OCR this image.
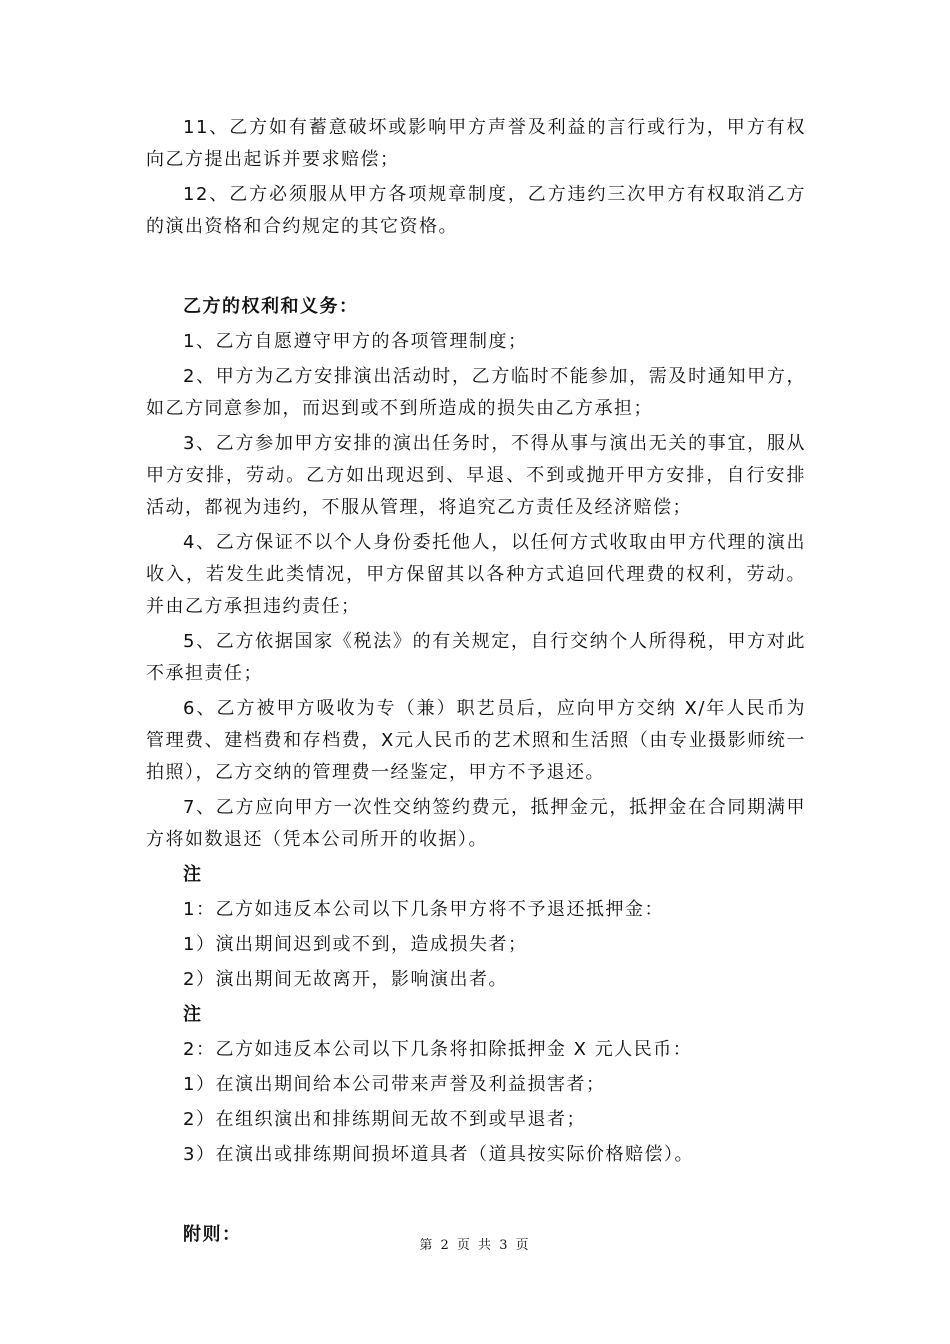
11、乙方如有蓄意破坏或影响甲方声誉及利益的言行或行为，甲方有权向乙方提出起诉并要求赔偿；

12、乙方必须服从甲方各项规章制度，乙方违约三次甲方有权取消乙方的演出资格和合约规定的其它资格。

乙方的权利和义务：

1、乙方自愿遵守甲方的各项管理制度；

2、甲方为乙方安排演出活动时，乙方临时不能参加，需及时通知甲方，如乙方同意参加，而迟到或不到所造成的损失由乙方承担；

3、乙方参加甲方安排的演出任务时，不得从事与演出无关的事宜，服从甲方安排，劳动。乙方如出现迟到、早退、不到或抛开甲方安排，自行安排活动，都视为违约，不服从管理，将追究乙方责任及经济赔偿；

4、乙方保证不以个人身份委托他人，以任何方式收取由甲方代理的演出收入，若发生此类情况，甲方保留其以各种方式追回代理费的权利，劳动。并由乙方承担违约责任；

5、乙方依据国家《税法》的有关规定，自行交纳个人所得税，甲方对此不承担责任；

6、乙方被甲方吸收为专（兼）职艺员后，应向甲方交纳 X/年人民币为管理费、建档费和存档费，X元人民币的艺术照和生活照（由专业摄影师统一拍照），乙方交纳的管理费一经鉴定，甲方不予退还。

7、乙方应向甲方一次性交纳签约费元，抵押金元，抵押金在合同期满甲方将如数退还（凭本公司所开的收据）。

注

1：乙方如违反本公司以下几条甲方将不予退还抵押金：

1）演出期间迟到或不到，造成损失者；

2）演出期间无故离开，影响演出者。

注

2：乙方如违反本公司以下几条将扣除抵押金 X 元人民币：

1）在演出期间给本公司带来声誉及利益损害者；

2）在组织演出和排练期间无故不到或早退者；

3）在演出或排练期间损坏道具者（道具按实际价格赔偿）。

附则：

第 2 页 共 3 页
